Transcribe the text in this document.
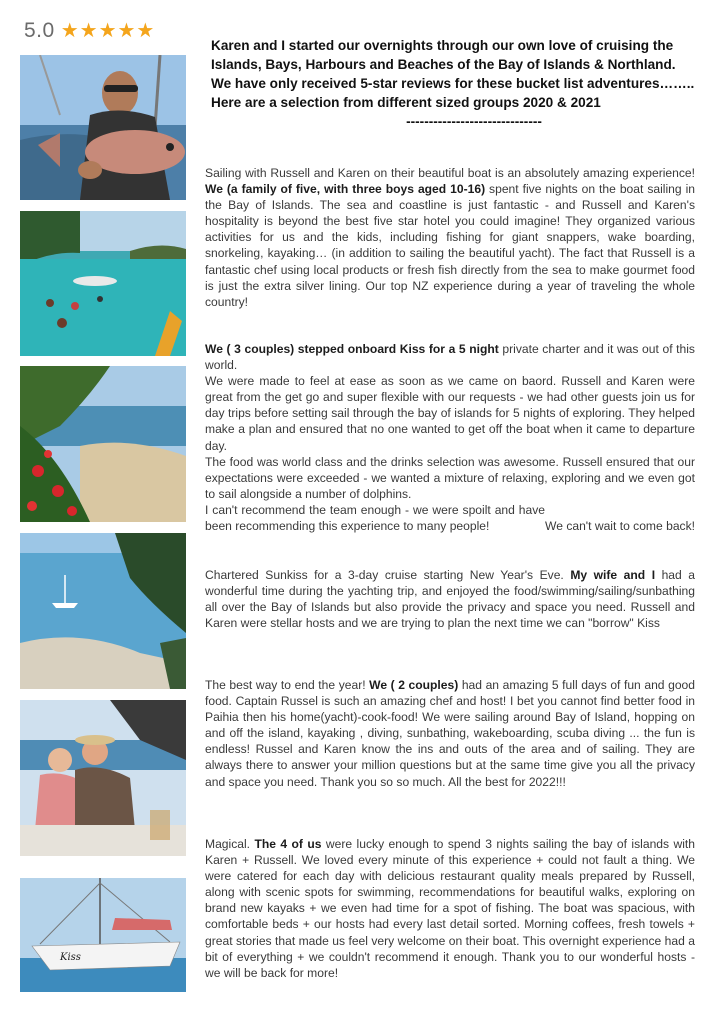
5.0 ★★★★★
Kiss

Karen and I started our overnights through our own love of cruising the Islands, Bays, Harbours and Beaches of the Bay of Islands & Northland. We have only received 5-star reviews for these bucket list adventures……..

Here are a selection from different sized groups 2020 & 2021

------------------------------

Sailing with Russell and Karen on their beautiful boat is an absolutely amazing experience! We (a family of five, with three boys aged 10-16) spent five nights on the boat sailing in the Bay of Islands. The sea and coastline is just fantastic - and Russell and Karen's hospitality is beyond the best five star hotel you could imagine! They organized various activities for us and the kids, including fishing for giant snappers, wake boarding, snorkeling, kayaking… (in addition to sailing the beautiful yacht). The fact that Russell is a fantastic chef using local products or fresh fish directly from the sea to make gourmet food is just the extra silver lining. Our top NZ experience during a year of traveling the whole country!

We ( 3 couples) stepped onboard Kiss for a 5 night private charter and it was out of this world.

We were made to feel at ease as soon as we came on baord. Russell and Karen were great from the get go and super flexible with our requests - we had other guests join us for day trips before setting sail through the bay of islands for 5 nights of exploring. They helped make a plan and ensured that no one wanted to get off the boat when it came to departure day.

The food was world class and the drinks selection was awesome. Russell ensured that our expectations were exceeded - we wanted a mixture of relaxing, exploring and we even got to sail alongside a number of dolphins.

I can't recommend the team enough - we were spoilt and have been recommending this experience to many people!	We can't wait to come back!

Chartered Sunkiss for a 3-day cruise starting New Year's Eve. My wife and I had a wonderful time during the yachting trip, and enjoyed the food/swimming/sailing/sunbathing all over the Bay of Islands but also provide the privacy and space you need. Russell and Karen were stellar hosts and we are trying to plan the next time we can "borrow" Kiss

The best way to end the year! We ( 2 couples) had an amazing 5 full days of fun and good food. Captain Russel is such an amazing chef and host! I bet you cannot find better food in Paihia then his home(yacht)-cook-food! We were sailing around Bay of Island, hopping on and off the island, kayaking , diving, sunbathing, wakeboarding, scuba diving ... the fun is endless! Russel and Karen know the ins and outs of the area and of sailing. They are always there to answer your million questions but at the same time give you all the privacy and space you need. Thank you so so much. All the best for 2022!!!

Magical. The 4 of us were lucky enough to spend 3 nights sailing the bay of islands with Karen + Russell. We loved every minute of this experience + could not fault a thing. We were catered for each day with delicious restaurant quality meals prepared by Russell, along with scenic spots for swimming, recommendations for beautiful walks, exploring on brand new kayaks + we even had time for a spot of fishing. The boat was spacious, with comfortable beds + our hosts had every last detail sorted. Morning coffees, fresh towels + great stories that made us feel very welcome on their boat. This overnight experience had a bit of everything + we couldn't recommend it enough. Thank you to our wonderful hosts - we will be back for more!
